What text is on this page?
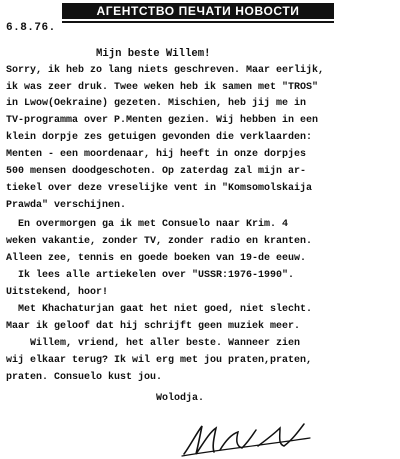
АГЕНТСТВО ПЕЧАТИ НОВОСТИ
6.8.76.
Mijn beste Willem!
Sorry, ik heb zo lang niets geschreven. Maar eerlijk,
ik was zeer druk. Twee weken heb ik samen met "TROS"
in Lwow(Oekraine) gezeten. Mischien, heb jij me in
TV-programma over P.Menten gezien. Wij hebben in een
klein dorpje zes getuigen gevonden die verklaarden:
Menten - een moordenaar, hij heeft in onze dorpjes
500 mensen doodgeschoten. Op zaterdag zal mijn ar-
tiekel over deze vreselijke vent in "Komsomolskaija
Prawda" verschijnen.
En overmorgen ga ik met Consuelo naar Krim. 4
weken vakantie, zonder TV, zonder radio en kranten.
Alleen zee, tennis en goede boeken van 19-de eeuw.
Ik lees alle artiekelen over "USSR:1976-1990".
Uitstekend, hoor!
Met Khachaturjan gaat het niet goed, niet slecht.
Maar ik geloof dat hij schrijft geen muziek meer.
Willem, vriend, het aller beste. Wanneer zien
wij elkaar terug? Ik wil erg met jou praten,praten,
praten. Consuelo kust jou.
Wolodja.
